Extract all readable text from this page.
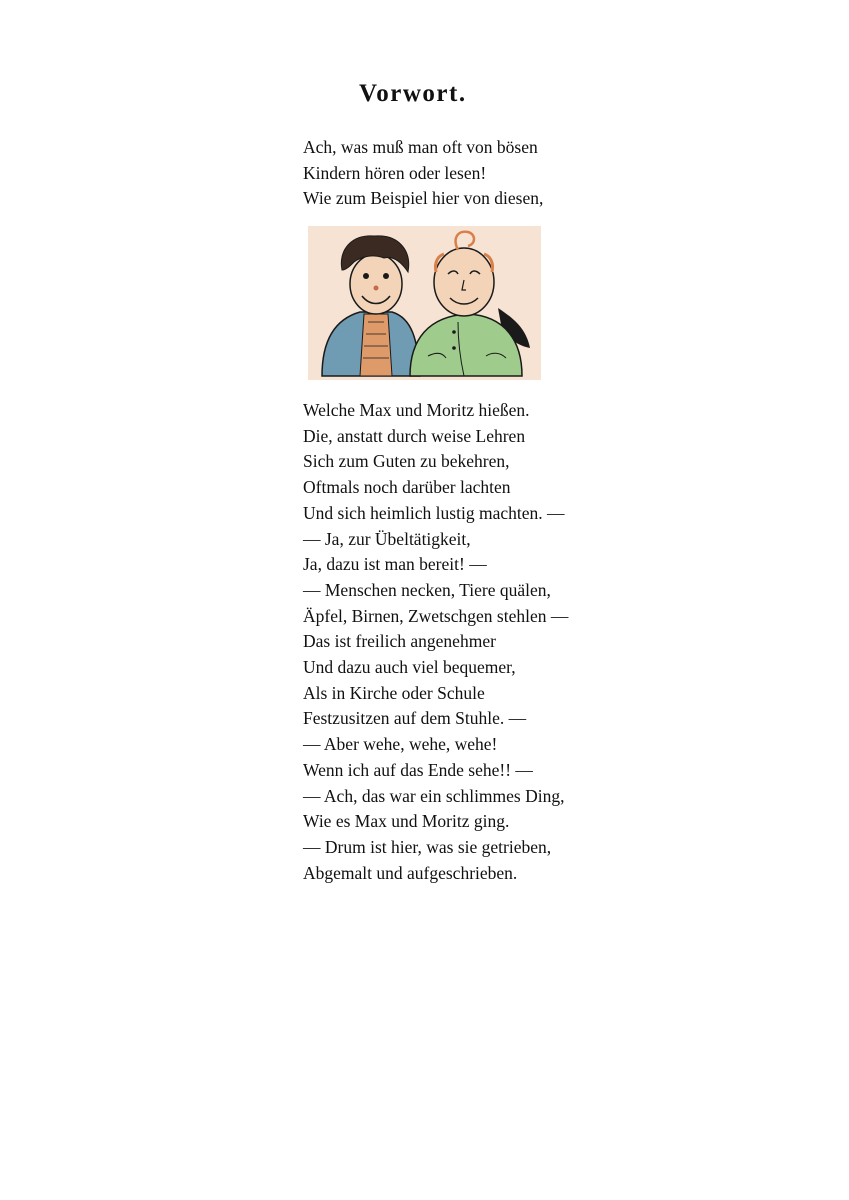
Vorwort.
Ach, was muß man oft von bösen
Kindern hören oder lesen!
Wie zum Beispiel hier von diesen,
Welche Max und Moritz hießen.
Die, anstatt durch weise Lehren
Sich zum Guten zu bekehren,
Oftmals noch darüber lachten
Und sich heimlich lustig machten. —
— Ja, zur Übeltätigkeit,
Ja, dazu ist man bereit! —
— Menschen necken, Tiere quälen,
Äpfel, Birnen, Zwetschgen stehlen —
Das ist freilich angenehmer
Und dazu auch viel bequemer,
Als in Kirche oder Schule
Festzusitzen auf dem Stuhle. —
— Aber wehe, wehe, wehe!
Wenn ich auf das Ende sehe!! —
— Ach, das war ein schlimmes Ding,
Wie es Max und Moritz ging.
— Drum ist hier, was sie getrieben,
Abgemalt und aufgeschrieben.
